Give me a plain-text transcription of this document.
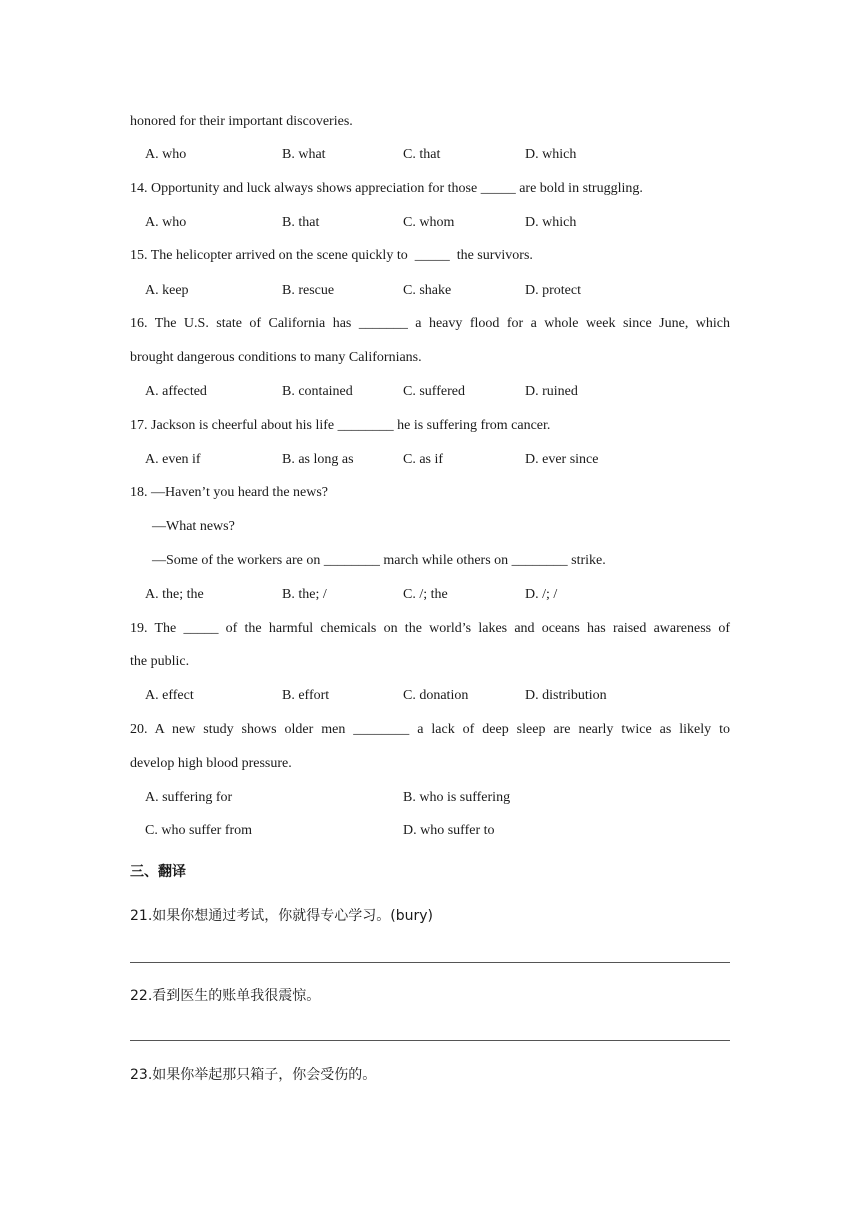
honored for their important discoveries.
A. who	B. what	C. that	D. which
14. Opportunity and luck always shows appreciation for those _____ are bold in struggling.
A. who	B. that	C. whom	D. which
15. The helicopter arrived on the scene quickly to  _____  the survivors.
A. keep	B. rescue	C. shake	D. protect
16. The U.S. state of California has _______ a heavy flood for a whole week since June, which
brought dangerous conditions to many Californians.
A. affected	B. contained	C. suffered	D. ruined
17. Jackson is cheerful about his life ________ he is suffering from cancer.
A. even if	B. as long as	C. as if	D. ever since
18. —Haven’t you heard the news?
—What news?
—Some of the workers are on ________ march while others on ________ strike.
A. the; the	B. the; /	C. /; the	D. /; /
19. The _____ of the harmful chemicals on the world’s lakes and oceans has raised awareness of
the public.
A. effect	B. effort	C. donation	D. distribution
20. A new study shows older men ________ a lack of deep sleep are nearly twice as likely to
develop high blood pressure.
A. suffering for	B. who is suffering
C. who suffer from	D. who suffer to
三、翻译
21.如果你想通过考试，你就得专心学习。(bury)
22.看到医生的账单我很震惊。
23.如果你举起那只箱子，你会受伤的。
